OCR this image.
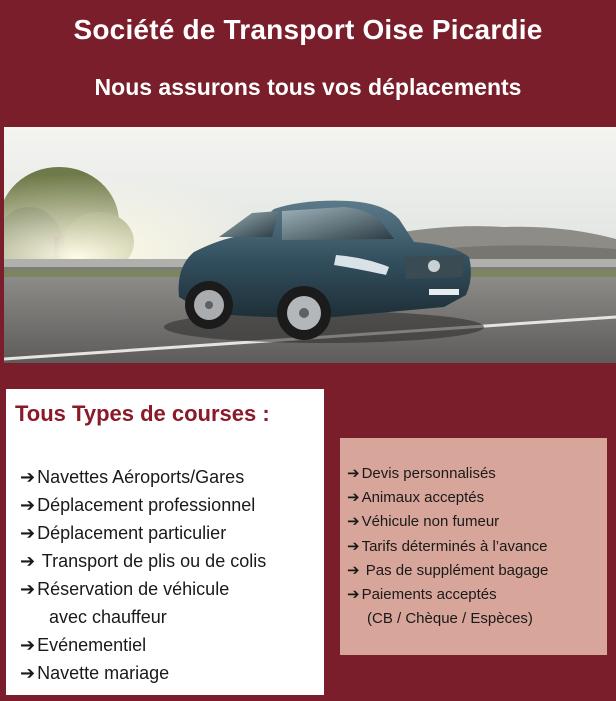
Société de Transport Oise Picardie
Nous assurons tous vos déplacements
Tous Types de courses :
➔ Navettes Aéroports/Gares
➔ Déplacement professionnel
➔ Déplacement particulier
➔ Transport de plis ou de colis
➔ Réservation de véhicule
avec chauffeur
➔ Evénementiel
➔ Navette mariage
➔ Devis personnalisés
➔ Animaux acceptés
➔ Véhicule non fumeur
➔ Tarifs déterminés à l’avance
➔ Pas de supplément bagage
➔ Paiements acceptés
(CB / Chèque / Espèces)
